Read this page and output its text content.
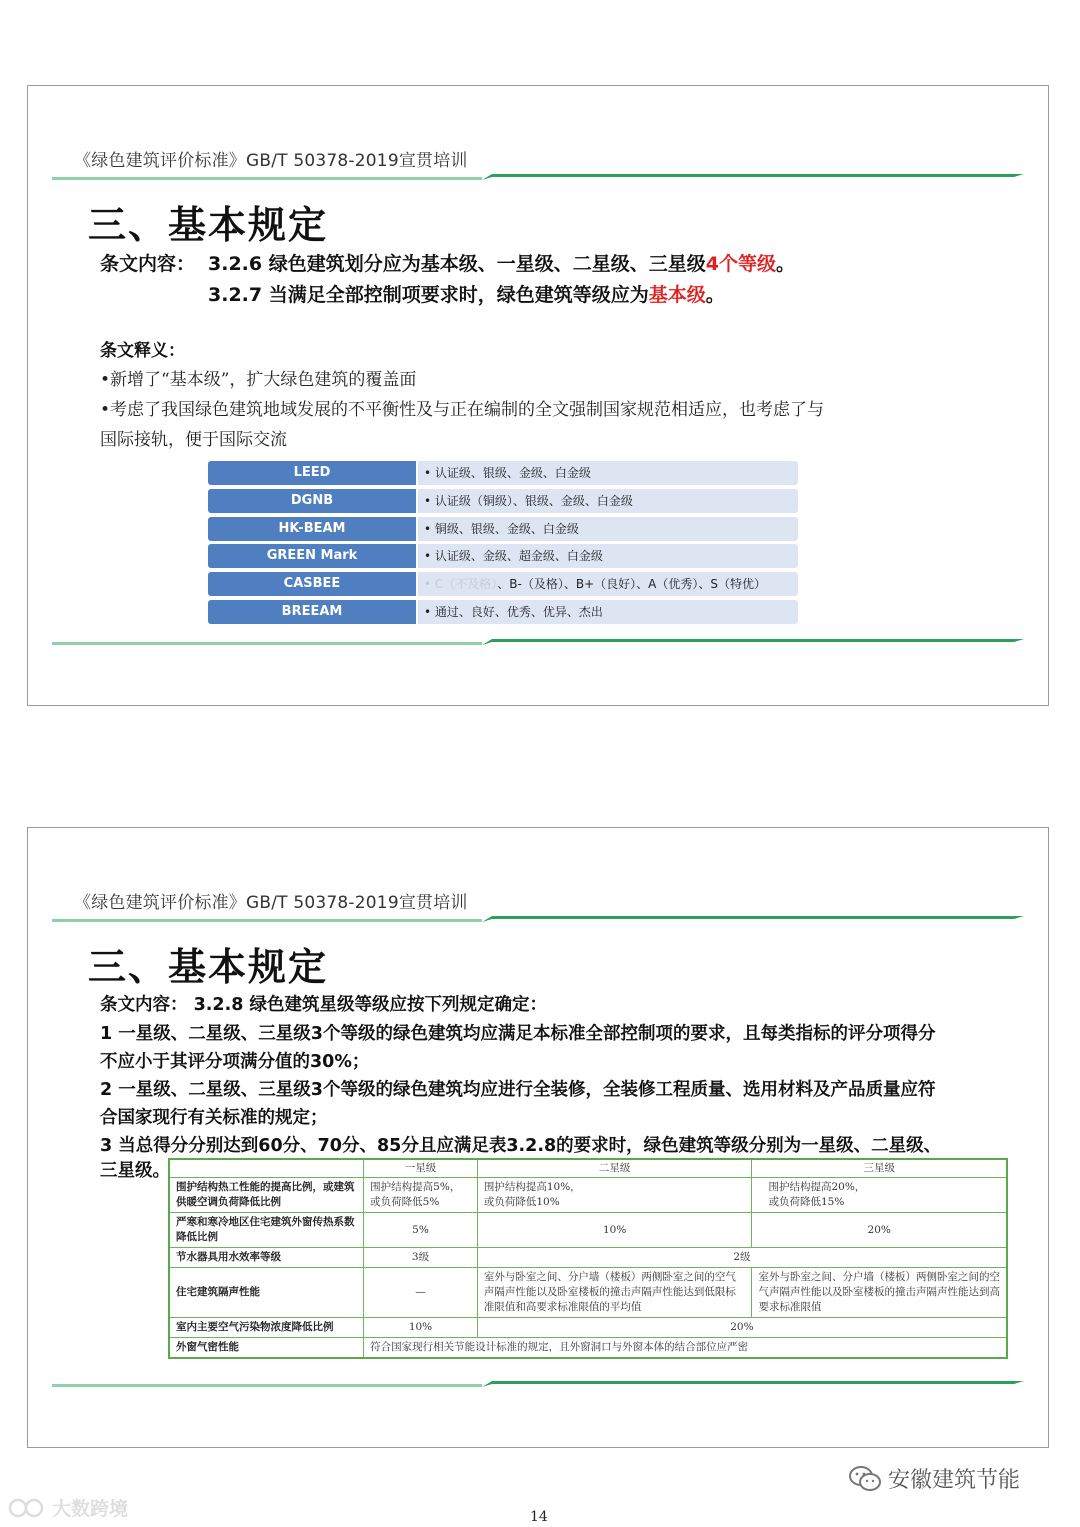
《绿色建筑评价标准》GB/T 50378-2019宣贯培训
三、基本规定
条文内容： 3.2.6 绿色建筑划分应为基本级、一星级、二星级、三星级4个等级。
3.2.7 当满足全部控制项要求时，绿色建筑等级应为基本级。
条文释义：
•新增了“基本级”，扩大绿色建筑的覆盖面
•考虑了我国绿色建筑地域发展的不平衡性及与正在编制的全文强制国家规范相适应，也考虑了与
国际接轨，便于国际交流
LEED	• 认证级、银级、金级、白金级
DGNB	• 认证级（铜级）、银级、金级、白金级
HK-BEAM	• 铜级、银级、金级、白金级
GREEN Mark	• 认证级、金级、超金级、白金级
CASBEE	• C（不及格）、B-（及格）、B+（良好）、A（优秀）、S（特优）
BREEAM	• 通过、良好、优秀、优异、杰出
《绿色建筑评价标准》GB/T 50378-2019宣贯培训
三、基本规定
条文内容： 3.2.8 绿色建筑星级等级应按下列规定确定：
1 一星级、二星级、三星级3个等级的绿色建筑均应满足本标准全部控制项的要求，且每类指标的评分项得分
不应小于其评分项满分值的30%；
2 一星级、二星级、三星级3个等级的绿色建筑均应进行全装修，全装修工程质量、选用材料及产品质量应符
合国家现行有关标准的规定；
3 当总得分分别达到60分、70分、85分且应满足表3.2.8的要求时，绿色建筑等级分别为一星级、二星级、
三星级。
		一星级	二星级	三星级
围护结构热工性能的提高比例，或建筑供暖空调负荷降低比例	围护结构提高5%，
或负荷降低5%	围护结构提高10%，
或负荷降低10%	围护结构提高20%，
或负荷降低15%
严寒和寒冷地区住宅建筑外窗传热系数降低比例	5%	10%	20%
节水器具用水效率等级	3级	2级	
住宅建筑隔声性能	—	室外与卧室之间、分户墙（楼板）两侧卧室之间的空气声隔声性能以及卧室楼板的撞击声隔声性能达到低限标准限值和高要求标准限值的平均值	室外与卧室之间、分户墙（楼板）两侧卧室之间的空气声隔声性能以及卧室楼板的撞击声隔声性能达到高要求标准限值
室内主要空气污染物浓度降低比例	10%	20%	
外窗气密性能	符合国家现行相关节能设计标准的规定，且外窗洞口与外窗本体的结合部位应严密		
安徽建筑节能
大数跨境	14
